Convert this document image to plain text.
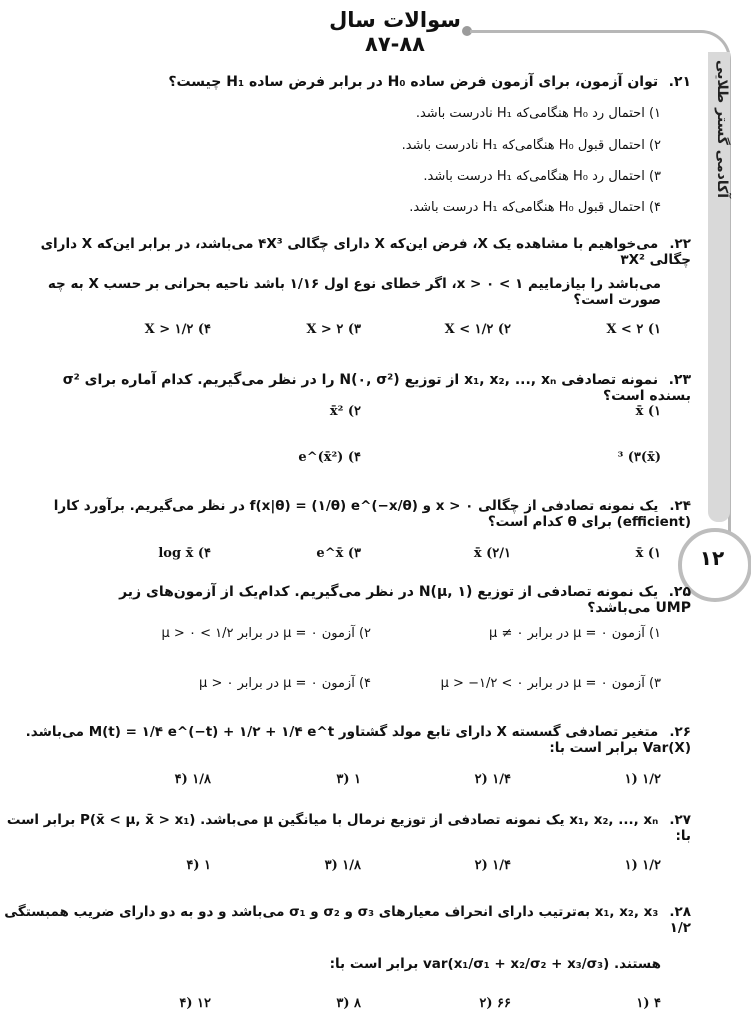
سوالات سال ۸۸-۸۷
آکادمی گستر طلایی
۱۲
۲۱. توان آزمون، برای آزمون فرض ساده H₀ در برابر فرض ساده H₁ چیست؟
۱) احتمال رد H₀ هنگامی‌که H₁ نادرست باشد.
۲) احتمال قبول H₀ هنگامی‌که H₁ نادرست باشد.
۳) احتمال رد H₀ هنگامی‌که H₁ درست باشد.
۴) احتمال قبول H₀ هنگامی‌که H₁ درست باشد.
۲۲. می‌خواهیم با مشاهده یک X، فرض این‌که X دارای چگالی ۴X³ می‌باشد، در برابر این‌که X دارای چگالی ۳X²
می‌باشد را بیازماییم ۱ > x > ۰، اگر خطای نوع اول ۱/۱۶ باشد ناحیه بحرانی بر حسب X به چه صورت است؟
X < ۲ (۱
X < ۱/۲ (۲
X > ۲ (۳
X > ۱/۲ (۴
۲۳. نمونه تصادفی x₁, x₂, ..., xₙ از توزیع N(۰, σ²) را در نظر می‌گیریم. کدام آماره برای σ² بسنده است؟
x̄ (۱
x̄² (۲
(x̄)³ (۳
e^(x̄²) (۴
۲۴. یک نمونه تصادفی از چگالی x > ۰ و f(x|θ) = (۱/θ) e^(−x/θ) در نظر می‌گیریم. برآورد کارا (efficient) برای θ کدام است؟
x̄ (۱
۱/x̄ (۲
e^x̄ (۳
log x̄ (۴
۲۵. یک نمونه تصادفی از توزیع N(μ, ۱) در نظر می‌گیریم. کدام‌یک از آزمون‌های زیر UMP می‌باشد؟
۱) آزمون μ = ۰ در برابر μ ≠ ۰
۲) آزمون μ = ۰ در برابر ۱/۲ > μ > ۰
۳) آزمون μ = ۰ در برابر ۰ > μ > −۱/۲
۴) آزمون μ = ۰ در برابر μ > ۰
۲۶. متغیر تصادفی گسسته X دارای تابع مولد گشتاور M(t) = ۱/۴ e^(−t) + ۱/۲ + ۱/۴ e^t می‌باشد. Var(X) برابر است با:
۱/۲ (۱
۱/۴ (۲
۱ (۳
۱/۸ (۴
۲۷. x₁, x₂, ..., xₙ یک نمونه تصادفی از توزیع نرمال با میانگین μ می‌باشد. P(x̄ < μ, x̄ > x₁) برابر است با:
۱/۲ (۱
۱/۴ (۲
۱/۸ (۳
۱ (۴
۲۸. x₁, x₂, x₃ به‌ترتیب دارای انحراف معیارهای σ₃ و σ₂ و σ₁ می‌باشد و دو به دو دارای ضریب همبستگی ۱/۲
هستند. var(x₁/σ₁ + x₂/σ₂ + x₃/σ₃) برابر است با:
۴ (۱
۶۶ (۲
۸ (۳
۱۲ (۴
